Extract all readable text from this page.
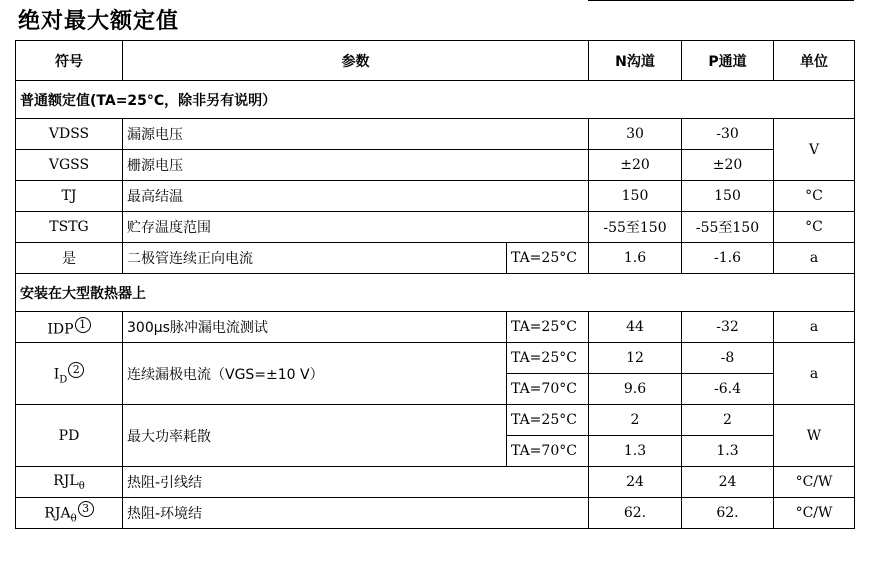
绝对最大额定值
符号	参数		N沟道	P通道	单位
普通额定值(TA=25°C，除非另有说明）					
VDSS	漏源电压		30	-30	V
VGSS	栅源电压		±20	±20	
TJ	最高结温		150	150	°C
TSTG	贮存温度范围		-55至150	-55至150	°C
是	二极管连续正向电流	TA=25°C	1.6	-1.6	a
安装在大型散热器上					
IDP $^1$	300μs脉冲漏电流测试	TA=25°C	44	-32	a
$I_D^2$	连续漏极电流（VGS=±10 V）	TA=25°C	12	-8	a
		TA=70°C	9.6	-6.4	
PD	最大功率耗散	TA=25°C	2	2	W
		TA=70°C	1.3	1.3	
$RJL_\theta$	热阻-引线结		24	24	°C/W
$RJA_\theta^3$	热阻-环境结		62.	62.	°C/W
